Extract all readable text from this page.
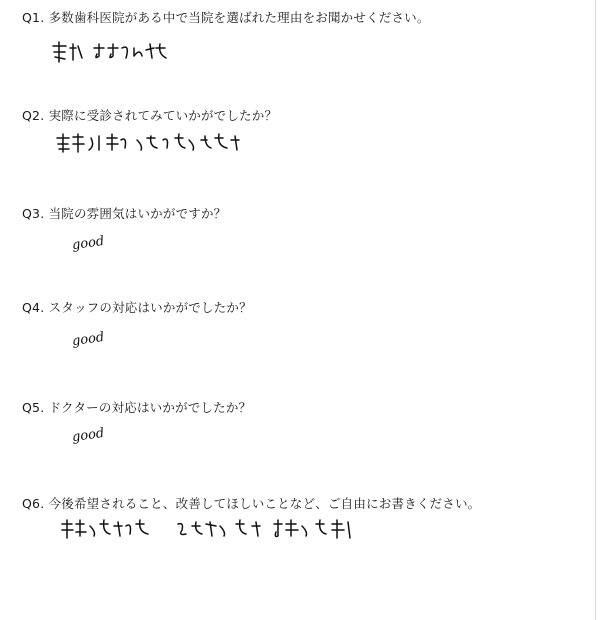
Q1. 多数歯科医院がある中で当院を選ばれた理由をお聞かせください。
Q2. 実際に受診されてみていかがでしたか？
Q3. 当院の雰囲気はいかがですか？
good
Q4. スタッフの対応はいかがでしたか？
good
Q5. ドクターの対応はいかがでしたか？
good
Q6. 今後希望されること、改善してほしいことなど、ご自由にお書きください。
